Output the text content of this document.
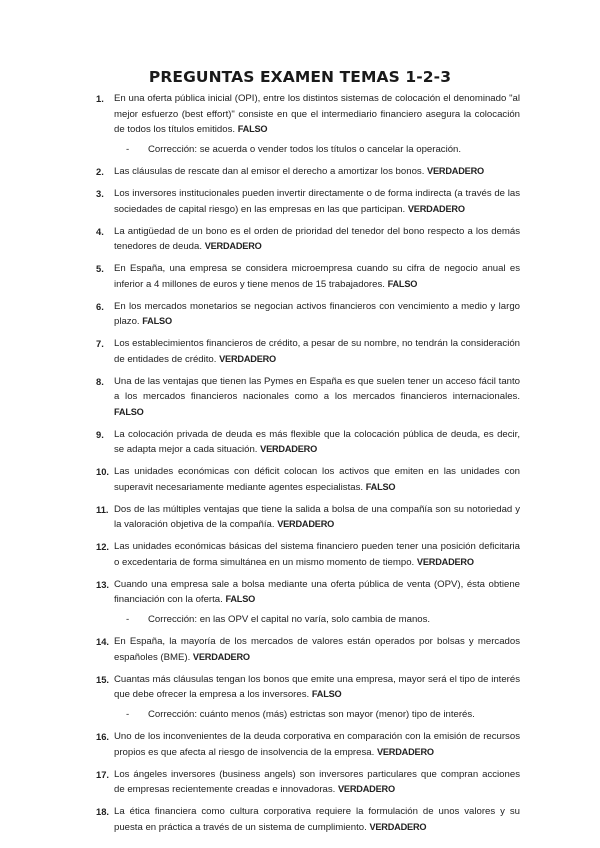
PREGUNTAS EXAMEN TEMAS 1-2-3
1. En una oferta pública inicial (OPI), entre los distintos sistemas de colocación el denominado "al mejor esfuerzo (best effort)" consiste en que el intermediario financiero asegura la colocación de todos los títulos emitidos. FALSO
- Corrección: se acuerda o vender todos los títulos o cancelar la operación.
2. Las cláusulas de rescate dan al emisor el derecho a amortizar los bonos. VERDADERO
3. Los inversores institucionales pueden invertir directamente o de forma indirecta (a través de las sociedades de capital riesgo) en las empresas en las que participan. VERDADERO
4. La antigüedad de un bono es el orden de prioridad del tenedor del bono respecto a los demás tenedores de deuda. VERDADERO
5. En España, una empresa se considera microempresa cuando su cifra de negocio anual es inferior a 4 millones de euros y tiene menos de 15 trabajadores. FALSO
6. En los mercados monetarios se negocian activos financieros con vencimiento a medio y largo plazo. FALSO
7. Los establecimientos financieros de crédito, a pesar de su nombre, no tendrán la consideración de entidades de crédito. VERDADERO
8. Una de las ventajas que tienen las Pymes en España es que suelen tener un acceso fácil tanto a los mercados financieros nacionales como a los mercados financieros internacionales. FALSO
9. La colocación privada de deuda es más flexible que la colocación pública de deuda, es decir, se adapta mejor a cada situación. VERDADERO
10. Las unidades económicas con déficit colocan los activos que emiten en las unidades con superavit necesariamente mediante agentes especialistas. FALSO
11. Dos de las múltiples ventajas que tiene la salida a bolsa de una compañía son su notoriedad y la valoración objetiva de la compañía. VERDADERO
12. Las unidades económicas básicas del sistema financiero pueden tener una posición deficitaria o excedentaria de forma simultánea en un mismo momento de tiempo. VERDADERO
13. Cuando una empresa sale a bolsa mediante una oferta pública de venta (OPV), ésta obtiene financiación con la oferta. FALSO
- Corrección: en las OPV el capital no varía, solo cambia de manos.
14. En España, la mayoría de los mercados de valores están operados por bolsas y mercados españoles (BME). VERDADERO
15. Cuantas más cláusulas tengan los bonos que emite una empresa, mayor será el tipo de interés que debe ofrecer la empresa a los inversores. FALSO
- Corrección: cuánto menos (más) estrictas son mayor (menor) tipo de interés.
16. Uno de los inconvenientes de la deuda corporativa en comparación con la emisión de recursos propios es que afecta al riesgo de insolvencia de la empresa. VERDADERO
17. Los ángeles inversores (business angels) son inversores particulares que compran acciones de empresas recientemente creadas e innovadoras. VERDADERO
18. La ética financiera como cultura corporativa requiere la formulación de unos valores y su puesta en práctica a través de un sistema de cumplimiento. VERDADERO
